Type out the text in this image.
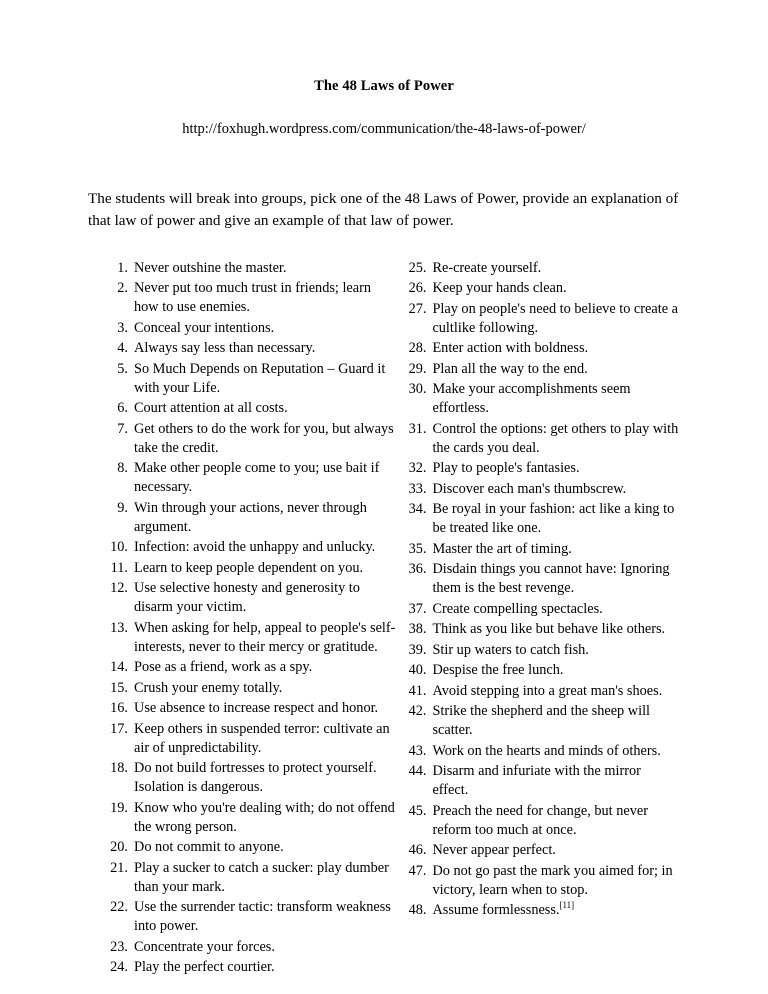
The 48 Laws of Power
http://foxhugh.wordpress.com/communication/the-48-laws-of-power/

The students will break into groups, pick one of the 48 Laws of Power, provide an explanation of that law of power and give an example of that law of power.

1. Never outshine the master.
2. Never put too much trust in friends; learn how to use enemies.
3. Conceal your intentions.
4. Always say less than necessary.
5. So Much Depends on Reputation – Guard it with your Life.
6. Court attention at all costs.
7. Get others to do the work for you, but always take the credit.
8. Make other people come to you; use bait if necessary.
9. Win through your actions, never through argument.
10. Infection: avoid the unhappy and unlucky.
11. Learn to keep people dependent on you.
12. Use selective honesty and generosity to disarm your victim.
13. When asking for help, appeal to people's self-interests, never to their mercy or gratitude.
14. Pose as a friend, work as a spy.
15. Crush your enemy totally.
16. Use absence to increase respect and honor.
17. Keep others in suspended terror: cultivate an air of unpredictability.
18. Do not build fortresses to protect yourself. Isolation is dangerous.
19. Know who you're dealing with; do not offend the wrong person.
20. Do not commit to anyone.
21. Play a sucker to catch a sucker: play dumber than your mark.
22. Use the surrender tactic: transform weakness into power.
23. Concentrate your forces.
24. Play the perfect courtier.
25. Re-create yourself.
26. Keep your hands clean.
27. Play on people's need to believe to create a cultlike following.
28. Enter action with boldness.
29. Plan all the way to the end.
30. Make your accomplishments seem effortless.
31. Control the options: get others to play with the cards you deal.
32. Play to people's fantasies.
33. Discover each man's thumbscrew.
34. Be royal in your fashion: act like a king to be treated like one.
35. Master the art of timing.
36. Disdain things you cannot have: Ignoring them is the best revenge.
37. Create compelling spectacles.
38. Think as you like but behave like others.
39. Stir up waters to catch fish.
40. Despise the free lunch.
41. Avoid stepping into a great man's shoes.
42. Strike the shepherd and the sheep will scatter.
43. Work on the hearts and minds of others.
44. Disarm and infuriate with the mirror effect.
45. Preach the need for change, but never reform too much at once.
46. Never appear perfect.
47. Do not go past the mark you aimed for; in victory, learn when to stop.
48. Assume formlessness.[11]
